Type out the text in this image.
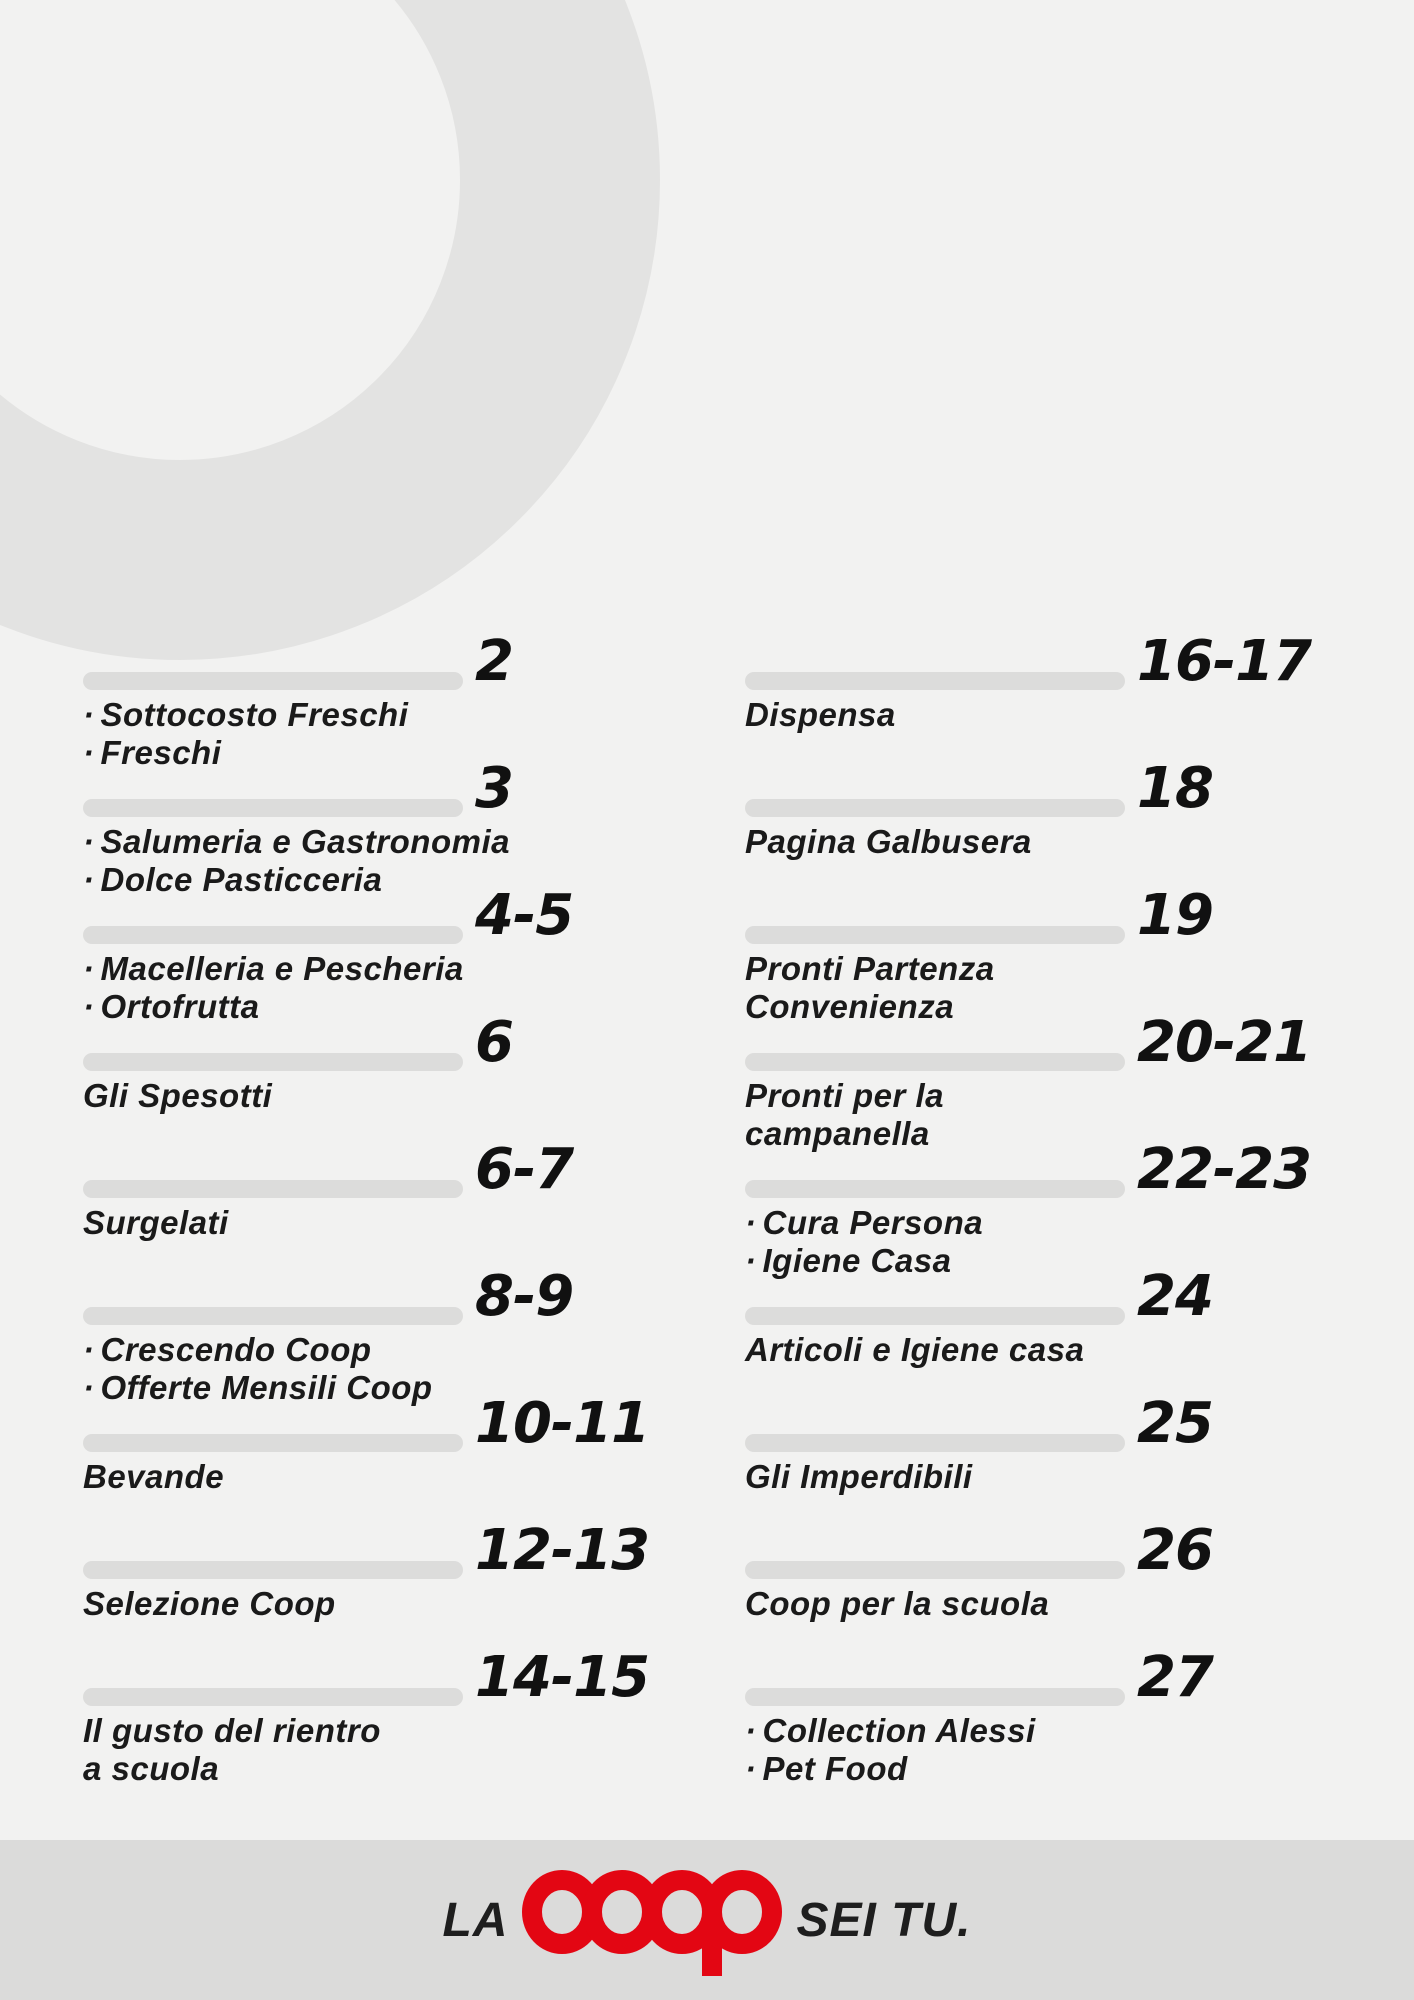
2
· Sottocosto Freschi
· Freschi
3
· Salumeria e Gastronomia
· Dolce Pasticceria
4-5
· Macelleria e Pescheria
· Ortofrutta
6
Gli Spesotti
6-7
Surgelati
8-9
· Crescendo Coop
· Offerte Mensili Coop
10-11
Bevande
12-13
Selezione Coop
14-15
Il gusto del rientro
a scuola
16-17
Dispensa
18
Pagina Galbusera
19
Pronti Partenza
Convenienza
20-21
Pronti per la
campanella
22-23
· Cura Persona
· Igiene Casa
24
Articoli e Igiene casa
25
Gli Imperdibili
26
Coop per la scuola
27
· Collection Alessi
· Pet Food
LA
COOP
SEI TU.
